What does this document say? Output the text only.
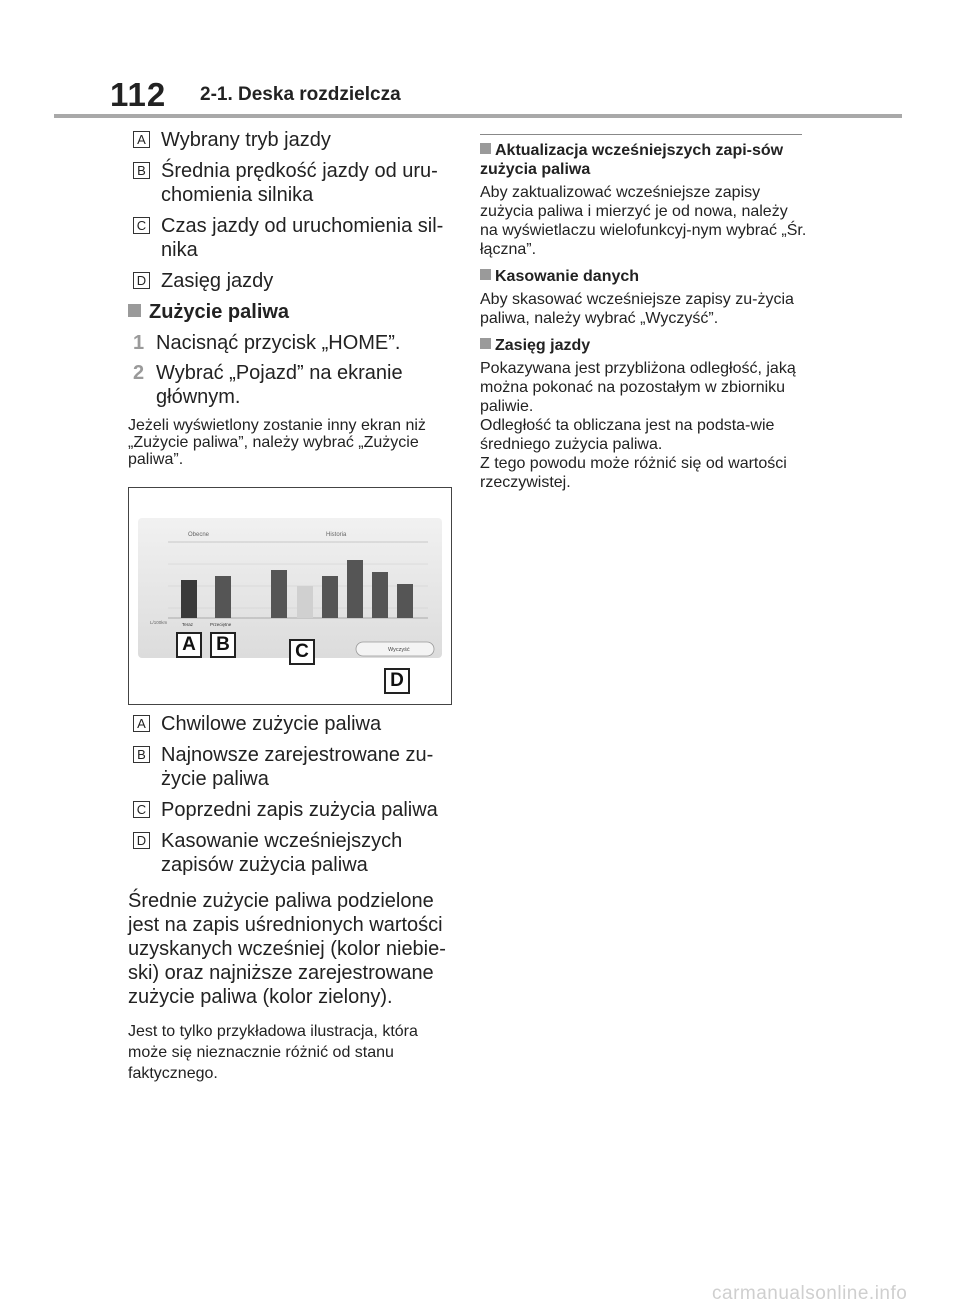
112 2-1. Deska rozdzielcza
A Wybrany tryb jazdy
B Średnia prędkość jazdy od uru-chomienia silnika
C Czas jazdy od uruchomienia sil-nika
D Zasięg jazdy
Zużycie paliwa
1 Nacisnąć przycisk „HOME”.
2 Wybrać „Pojazd” na ekranie głównym.
Jeżeli wyświetlony zostanie inny ekran niż „Zużycie paliwa”, należy wybrać „Zużycie paliwa”.
Obecne	Historia
L/100km	Teraz	Przeciętne
Wyczyść
A	B	C
D
A Chwilowe zużycie paliwa
B Najnowsze zarejestrowane zu-życie paliwa
C Poprzedni zapis zużycia paliwa
D Kasowanie wcześniejszych zapisów zużycia paliwa
Średnie zużycie paliwa podzielone jest na zapis uśrednionych wartości uzyskanych wcześniej (kolor niebie-ski) oraz najniższe zarejestrowane zużycie paliwa (kolor zielony).
Jest to tylko przykładowa ilustracja, która może się nieznacznie różnić od stanu faktycznego.
Aktualizacja wcześniejszych zapi-sów zużycia paliwa
Aby zaktualizować wcześniejsze zapisy zużycia paliwa i mierzyć je od nowa, należy na wyświetlaczu wielofunkcyj-nym wybrać „Śr. łączna”.
Kasowanie danych
Aby skasować wcześniejsze zapisy zu-życia paliwa, należy wybrać „Wyczyść”.
Zasięg jazdy
Pokazywana jest przybliżona odległość, jaką można pokonać na pozostałym w zbiorniku paliwie.
Odległość ta obliczana jest na podsta-wie średniego zużycia paliwa.
Z tego powodu może różnić się od wartości rzeczywistej.
carmanualsonline.info
